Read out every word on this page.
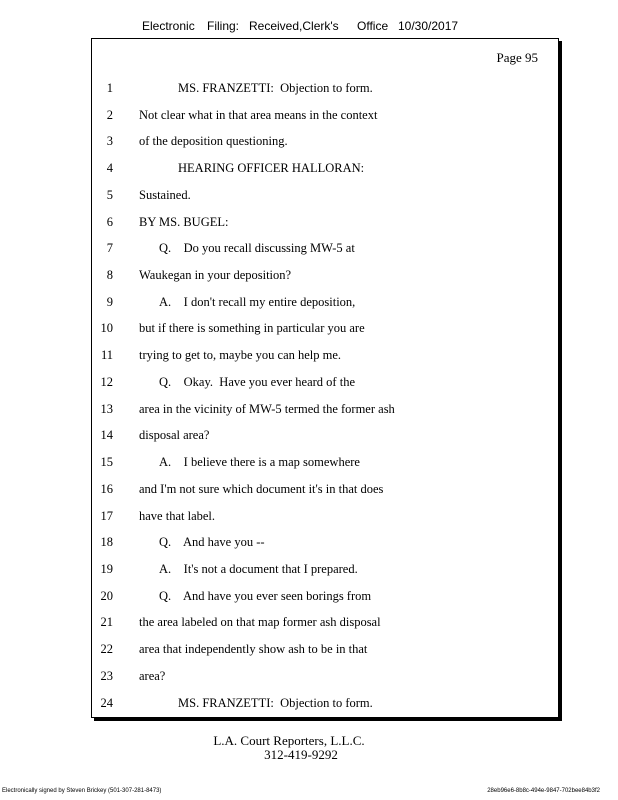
Electronic Filing: Received,Clerk's Office 10/30/2017
Page 95
1	MS. FRANZETTI:  Objection to form.
2 Not clear what in that area means in the context
3 of the deposition questioning.
4	HEARING OFFICER HALLORAN:
5 Sustained.
6 BY MS. BUGEL:
7	Q.    Do you recall discussing MW-5 at
8 Waukegan in your deposition?
9	A.    I don't recall my entire deposition,
10 but if there is something in particular you are
11 trying to get to, maybe you can help me.
12	Q.    Okay.  Have you ever heard of the
13 area in the vicinity of MW-5 termed the former ash
14 disposal area?
15	A.    I believe there is a map somewhere
16 and I'm not sure which document it's in that does
17 have that label.
18	Q.    And have you --
19	A.    It's not a document that I prepared.
20	Q.    And have you ever seen borings from
21 the area labeled on that map former ash disposal
22 area that independently show ash to be in that
23 area?
24	MS. FRANZETTI:  Objection to form.
L.A. Court Reporters, L.L.C.
312-419-9292
Electronically signed by Steven Brickey (501-307-281-8473)	28eb96e6-8b8c-494e-9847-702bee84b3f2
